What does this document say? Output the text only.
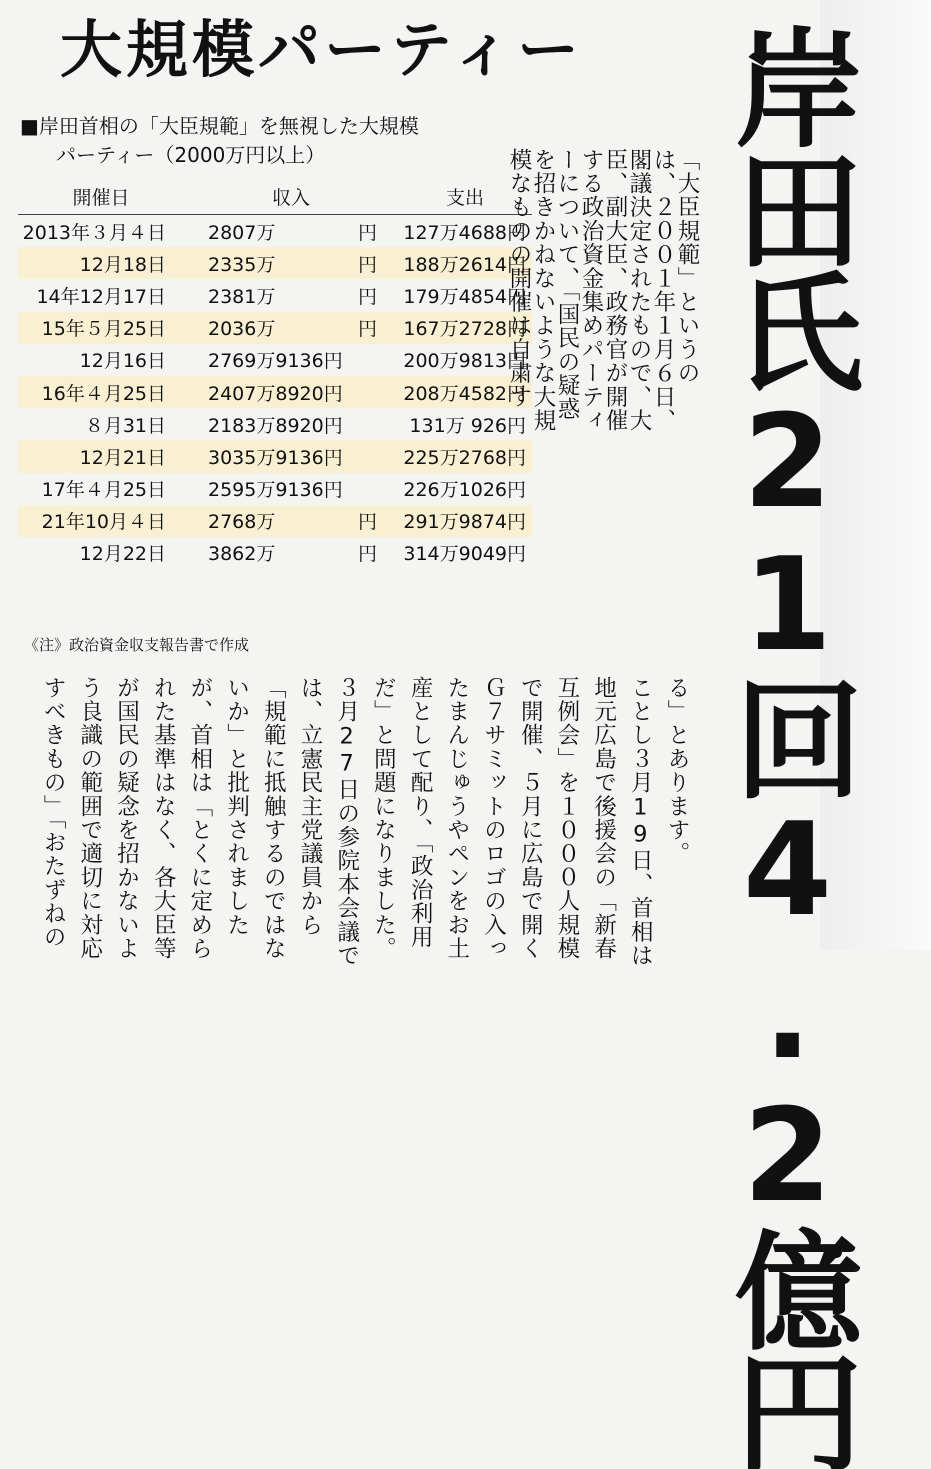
大規模パーティー	岸田氏21回4.2億円
■岸田首相の「大臣規範」を無視した大規模
パーティー（2000万円以上）
開催日	収入		支出
2013年３月４日	2807万	円	127万4688円
12月18日	2335万	円	188万2614円
14年12月17日	2381万	円	179万4854円
15年５月25日	2036万	円	167万2728円
12月16日	2769万9136円		200万9813円
16年４月25日	2407万8920円		208万4582円
８月31日	2183万8920円		131万 926円
12月21日	3035万9136円		225万2768円
17年４月25日	2595万9136円		226万1026円
21年10月４日	2768万	円	291万9874円
12月22日	3862万	円	314万9049円
《注》政治資金収支報告書で作成
「大臣規範」というの
は、２００１年１月６日、
閣議決定されたもので、大
臣、副大臣、政務官が開催
する政治資金集めパーティ
ーについて、「国民の疑惑
を招きかねないような大規
模なものの開催は自粛す
る」とあります。
ことし３月19日、首相は
地元広島で後援会の「新春
互例会」を１０００人規模
で開催、５月に広島で開く
Ｇ７サミットのロゴの入っ
たまんじゅうやペンをお土
産として配り、「政治利用
だ」と問題になりました。
３月27日の参院本会議で
は、立憲民主党議員から
「規範に抵触するのではな
いか」と批判されました
が、首相は「とくに定めら
れた基準はなく、各大臣等
が国民の疑念を招かないよ
う良識の範囲で適切に対応
すべきもの」「おたずねの
